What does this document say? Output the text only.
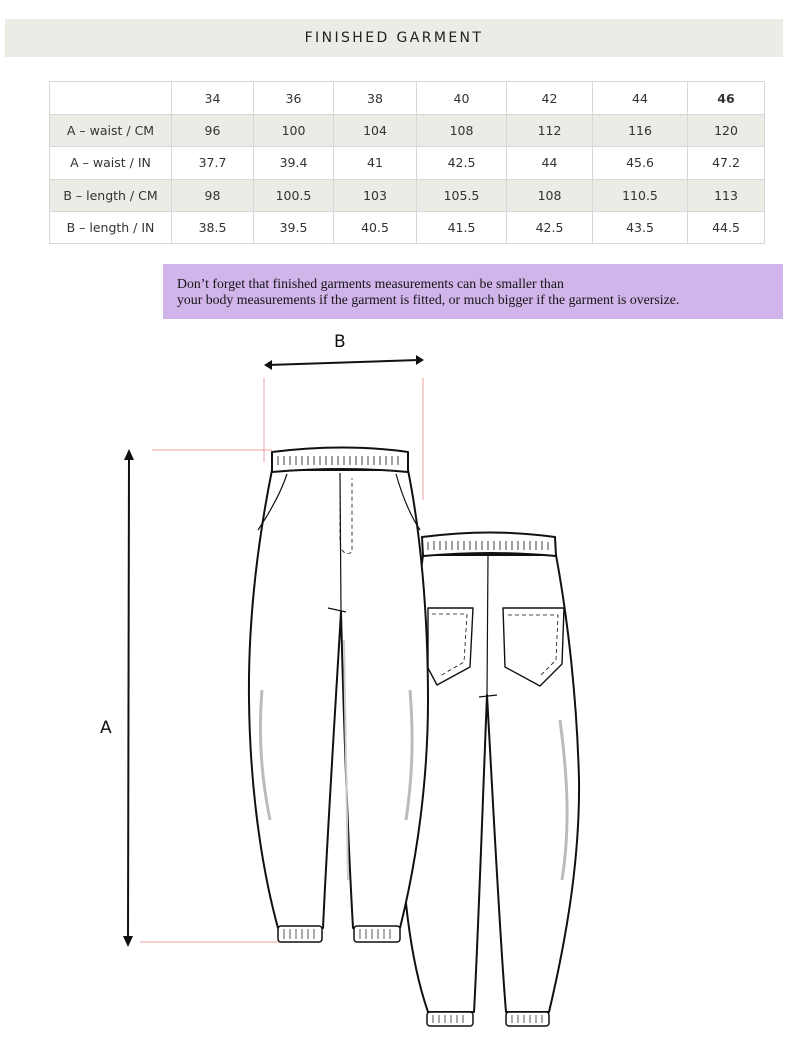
FINISHED GARMENT
	34	36	38	40	42	44	46
A – waist / CM	96	100	104	108	112	116	120
A – waist / IN	37.7	39.4	41	42.5	44	45.6	47.2
B – length / CM	98	100.5	103	105.5	108	110.5	113
B – length / IN	38.5	39.5	40.5	41.5	42.5	43.5	44.5
Don’t forget that finished garments measurements can be smaller than
your body measurements if the garment is fitted, or much bigger if the garment is oversize.
B
A
